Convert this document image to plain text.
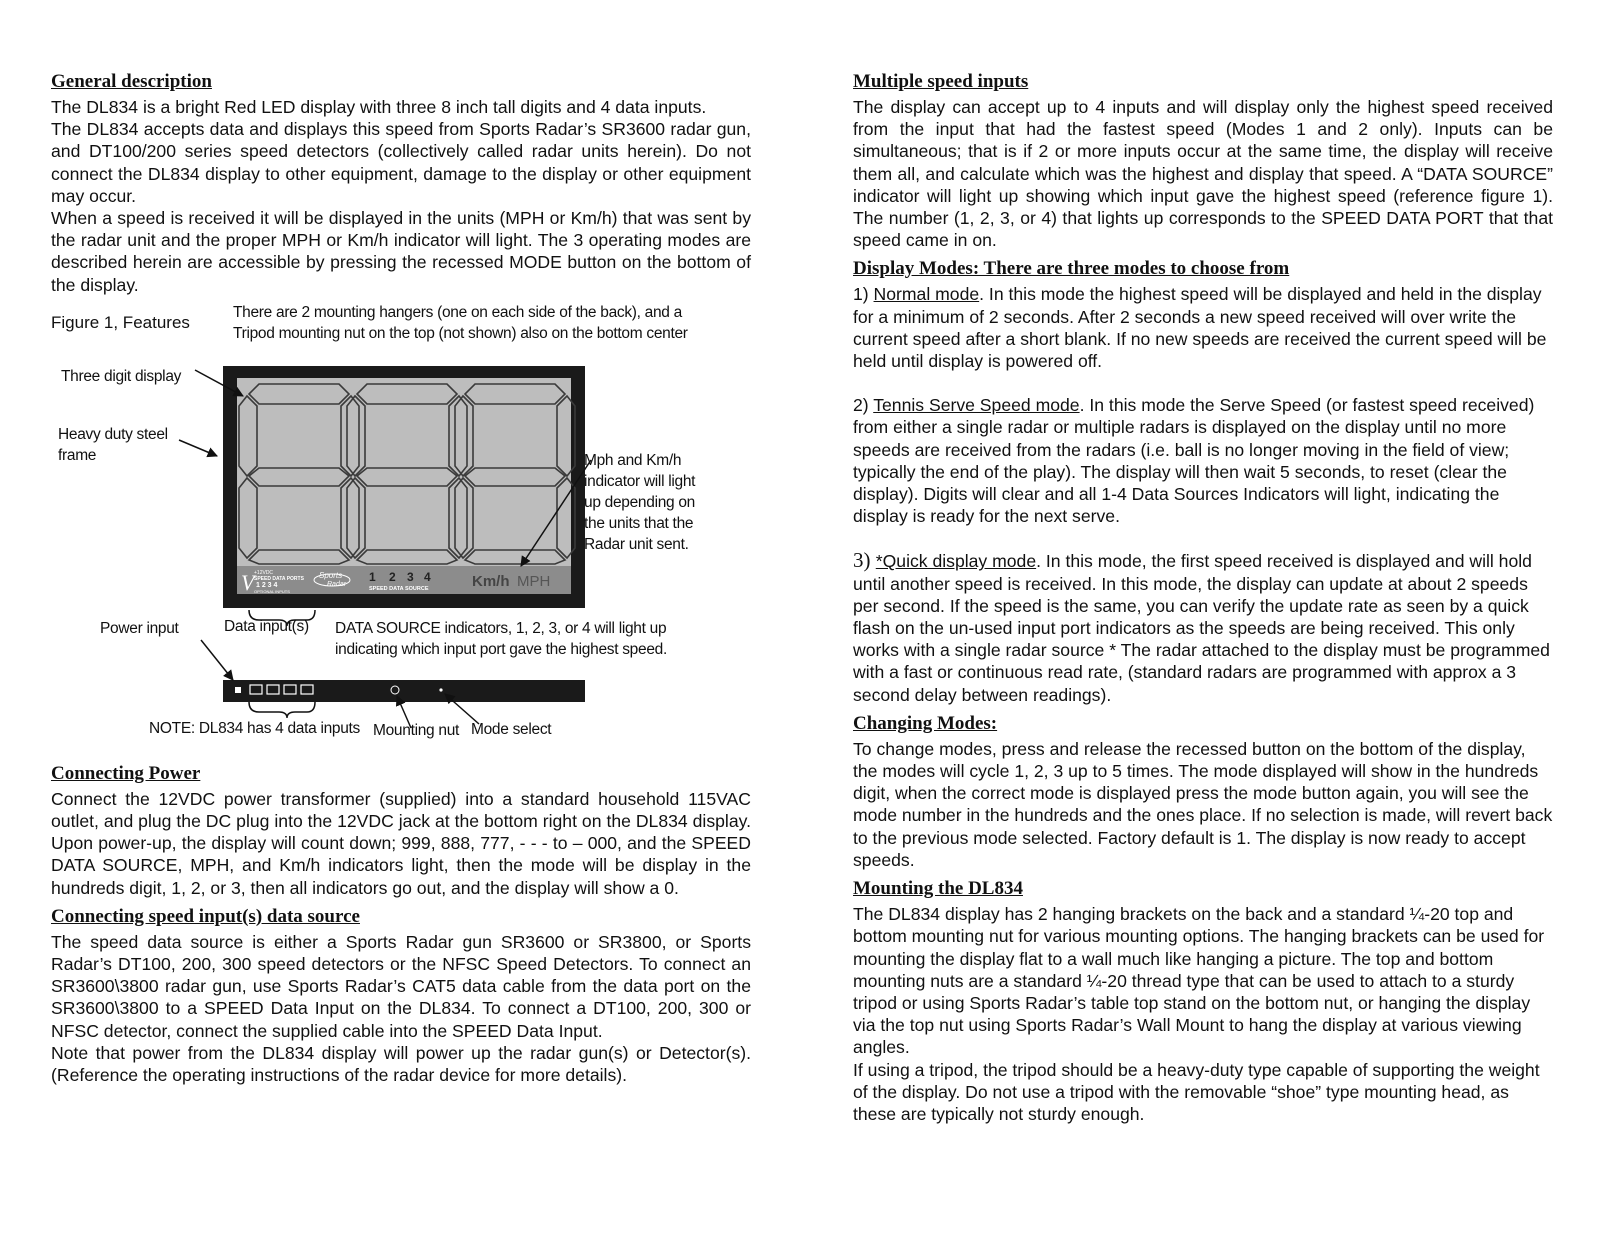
General description

The DL834 is a bright Red LED display with three 8 inch tall digits and 4 data inputs.

The DL834 accepts data and displays this speed from Sports Radar’s SR3600 radar gun, and DT100/200 series speed detectors (collectively called radar units herein). Do not connect the DL834 display to other equipment, damage to the display or other equipment may occur.

When a speed is received it will be displayed in the units (MPH or Km/h) that was sent by the radar unit and the proper MPH or Km/h indicator will light. The 3 operating modes are described herein are accessible by pressing the recessed MODE button on the bottom of the display.

V +12VDC
SPEED DATA PORTS
1 2 3 4
OPTIONAL INPUTS
Sports
Radar
1 2 3 4
SPEED DATA SOURCE	Km/h MPH
Figure 1, Features
There are 2 mounting hangers (one on each side of the back), and a
Tripod mounting nut on the top (not shown) also on the bottom center
Three digit display
Heavy duty steel
frame	Mph and Km/h
indicator will light
up depending on
the units that the
Radar unit sent.
Power input	Data input(s) DATA SOURCE indicators, 1, 2, 3, or 4 will light up
indicating which input port gave the highest speed.
NOTE: DL834 has 4 data inputs Mounting nut Mode select
Connecting Power

Connect the 12VDC power transformer (supplied) into a standard household 115VAC outlet, and plug the DC plug into the 12VDC jack at the bottom right on the DL834 display. Upon power-up, the display will count down; 999, 888, 777, - - - to – 000, and the SPEED DATA SOURCE, MPH, and Km/h indicators light, then the mode will be display in the hundreds digit, 1, 2, or 3, then all indicators go out, and the display will show a 0.

Connecting speed input(s) data source

The speed data source is either a Sports Radar gun SR3600 or SR3800, or Sports Radar’s DT100, 200, 300 speed detectors or the NFSC Speed Detectors. To connect an SR3600\3800 radar gun, use Sports Radar’s CAT5 data cable from the data port on the SR3600\3800 to a SPEED Data Input on the DL834. To connect a DT100, 200, 300 or NFSC detector, connect the supplied cable into the SPEED Data Input.

Note that power from the DL834 display will power up the radar gun(s) or Detector(s). (Reference the operating instructions of the radar device for more details).

Multiple speed inputs

The display can accept up to 4 inputs and will display only the highest speed received from the input that had the fastest speed (Modes 1 and 2 only). Inputs can be simultaneous; that is if 2 or more inputs occur at the same time, the display will receive them all, and calculate which was the highest and display that speed. A “DATA SOURCE” indicator will light up showing which input gave the highest speed (reference figure 1). The number (1, 2, 3, or 4) that lights up corresponds to the SPEED DATA PORT that that speed came in on.

Display Modes: There are three modes to choose from

1) Normal mode. In this mode the highest speed will be displayed and held in the display for a minimum of 2 seconds. After 2 seconds a new speed received will over write the current speed after a short blank. If no new speeds are received the current speed will be held until display is powered off.

2) Tennis Serve Speed mode. In this mode the Serve Speed (or fastest speed received) from either a single radar or multiple radars is displayed on the display until no more speeds are received from the radars (i.e. ball is no longer moving in the field of view; typically the end of the play). The display will then wait 5 seconds, to reset (clear the display). Digits will clear and all 1-4 Data Sources Indicators will light, indicating the display is ready for the next serve.

3) *Quick display mode. In this mode, the first speed received is displayed and will hold until another speed is received. In this mode, the display can update at about 2 speeds per second. If the speed is the same, you can verify the update rate as seen by a quick flash on the un-used input port indicators as the speeds are being received. This only works with a single radar source * The radar attached to the display must be programmed with a fast or continuous read rate, (standard radars are programmed with approx a 3 second delay between readings).

Changing Modes:

To change modes, press and release the recessed button on the bottom of the display, the modes will cycle 1, 2, 3 up to 5 times. The mode displayed will show in the hundreds digit, when the correct mode is displayed press the mode button again, you will see the mode number in the hundreds and the ones place. If no selection is made, will revert back to the previous mode selected. Factory default is 1. The display is now ready to accept speeds.

Mounting the DL834

The DL834 display has 2 hanging brackets on the back and a standard ¼-20 top and bottom mounting nut for various mounting options. The hanging brackets can be used for mounting the display flat to a wall much like hanging a picture. The top and bottom mounting nuts are a standard ¼-20 thread type that can be used to attach to a sturdy tripod or using Sports Radar’s table top stand on the bottom nut, or hanging the display via the top nut using Sports Radar’s Wall Mount to hang the display at various viewing angles.

If using a tripod, the tripod should be a heavy-duty type capable of supporting the weight of the display. Do not use a tripod with the removable “shoe” type mounting head, as these are typically not sturdy enough.
